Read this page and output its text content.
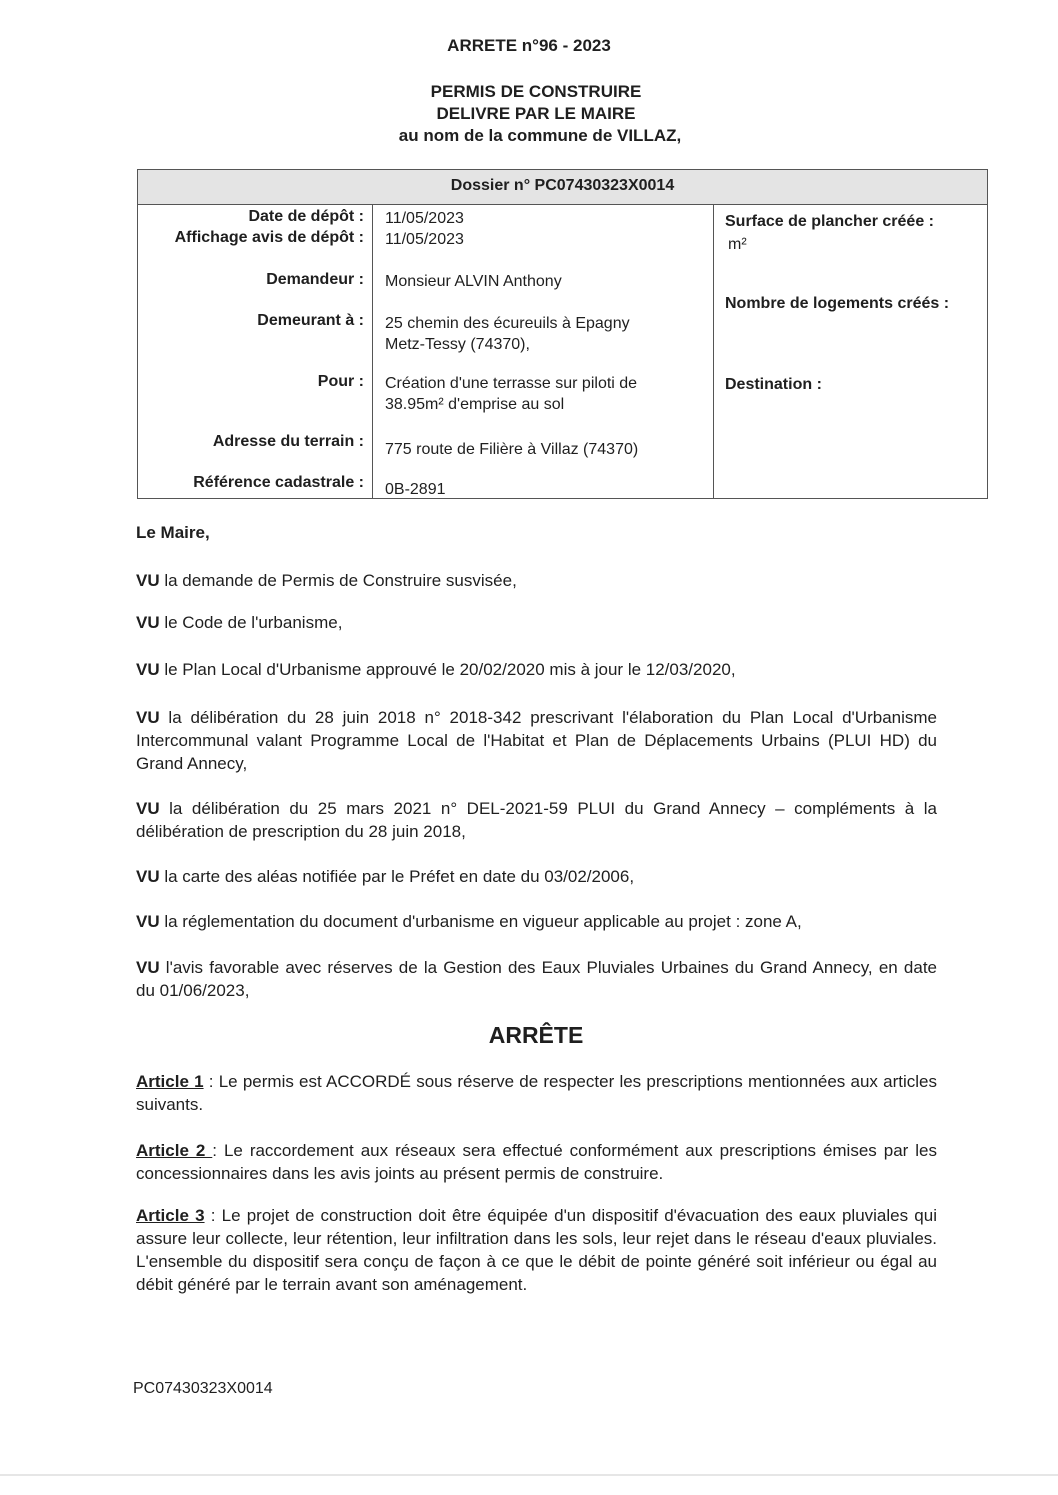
ARRETE n°96 - 2023
PERMIS DE CONSTRUIRE
DELIVRE PAR LE MAIRE
au nom de la commune de VILLAZ,
Dossier n° PC07430323X0014
Date de dépôt :
Affichage avis de dépôt :
Demandeur :
Demeurant à :
Pour :
Adresse du terrain :
Référence cadastrale :
11/05/2023
11/05/2023
Monsieur ALVIN Anthony
25 chemin des écureuils à Epagny
Metz-Tessy (74370),
Création d'une terrasse sur piloti de
38.95m² d'emprise au sol
775 route de Filière à Villaz (74370)
0B-2891
Surface de plancher créée :
m²
Nombre de logements créés :
Destination :
Le Maire,
VU la demande de Permis de Construire susvisée,
VU le Code de l'urbanisme,
VU le Plan Local d'Urbanisme approuvé le 20/02/2020 mis à jour le 12/03/2020,
VU la délibération du 28 juin 2018 n° 2018-342 prescrivant l'élaboration du Plan Local d'Urbanisme Intercommunal valant Programme Local de l'Habitat et Plan de Déplacements Urbains (PLUI HD) du Grand Annecy,
VU la délibération du 25 mars 2021 n° DEL-2021-59 PLUI du Grand Annecy – compléments à la délibération de prescription du 28 juin 2018,
VU la carte des aléas notifiée par le Préfet en date du 03/02/2006,
VU la réglementation du document d'urbanisme en vigueur applicable au projet : zone A,
VU l'avis favorable avec réserves de la Gestion des Eaux Pluviales Urbaines du Grand Annecy, en date du 01/06/2023,
ARRÊTE
Article 1 : Le permis est ACCORDÉ sous réserve de respecter les prescriptions mentionnées aux articles suivants.
Article 2 : Le raccordement aux réseaux sera effectué conformément aux prescriptions émises par les concessionnaires dans les avis joints au présent permis de construire.
Article 3 : Le projet de construction doit être équipée d'un dispositif d'évacuation des eaux pluviales qui assure leur collecte, leur rétention, leur infiltration dans les sols, leur rejet dans le réseau d'eaux pluviales. L'ensemble du dispositif sera conçu de façon à ce que le débit de pointe généré soit inférieur ou égal au débit généré par le terrain avant son aménagement.
PC07430323X0014
